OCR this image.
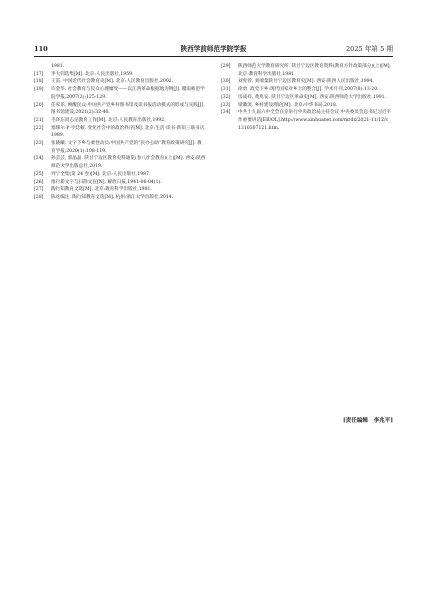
110	陕西学前师范学院学报	2025 年第 5 期

1981.

[17] 李大钊选集[M]. 北京:人民出版社,1959.

[18] 王雷. 中国近代社会教育史[M]. 北京:人民教育出版社,2002.

[19] 许金华. 社会教育与民众心理嬗变——以江西革命根据地为例[J]. 赣南师范学院学报,2007(2):125-129.

[20] 任家乐, 唤醒民众:中国共产党乡村图书馆及读书报活动模式的形成与实践[J]. 图书馆建设,2021(2):32-40.

[21] 毛泽东同志论教育工作[M]. 北京:人民教育出版社,1992.

[22] 塞缪尔·P·亨廷顿. 变化社会中的政治秩序[M]. 北京:生活·读书·新知三联书店,1989.

[23] 张晓曦. 文字下乡与柔性动员:中国共产党的“民办公助”教育政策研究[J]. 教育学报,2020(1):108-119.

[24] 孙芸芸, 郭晶晶. 陕甘宁边区教育史料通览(卷八社会教育)(上)[M]. 西安:陕西师范大学出版总社,2019.

[25] 列宁全集(第 24 卷)[M]. 北京:人民出版社,1987.

[26] 推行新文字与扫除文盲[N]. 解放日报,1941-06-04(1).

[27] 陶行知教育文选[M]. 北京:教育科学出版社,1981.

[28] 陈竑编注. 陶行知教育文选[M]. 杭州:浙江大学出版社,2014.

[29] 陕西师范大学教育研究所. 陕甘宁边区教育资料(教育方针政策部分)(上)[M]. 北京:教育科学出版社,1981.

[30] 刘宪曾, 刘端棻陕甘宁边区教育史[M]. 西安:陕西人民出版社,1994.

[31] 徐勇. 政党下乡:现代国家对乡土的整合[J]. 学术月刊,2007(8):13-20.

[32] 房成祥, 黄兆安. 陕甘宁边区革命史[M]. 西安:陕西师范大学出版社,1991.

[33] 梁漱溟. 乡村建设理论[M]. 北京:中华书局,2018.

[34] 中共十九届六中全会在京举行中央政治局主持会议 中央委员会总书记习近平作重要讲话[EB/OL].http://www.xinhuanet.com/mrdx/2021-11/12/c_1310307121.htm.

[责任编辑　李兆平]
